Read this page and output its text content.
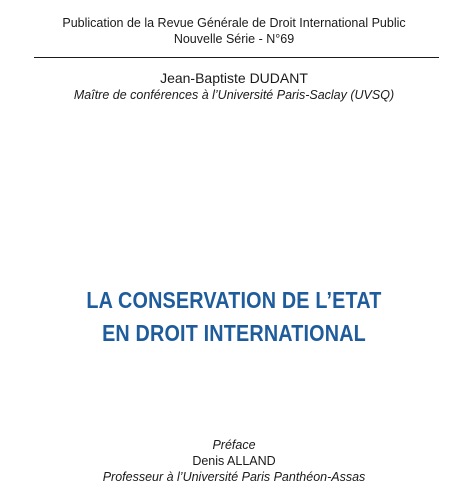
Publication de la Revue Générale de Droit International Public
Nouvelle Série - N°69
Jean-Baptiste DUDANT
Maître de conférences à l’Université Paris-Saclay (UVSQ)
LA CONSERVATION DE L’ETAT
EN DROIT INTERNATIONAL
Préface
Denis ALLAND
Professeur à l’Université Paris Panthéon-Assas
